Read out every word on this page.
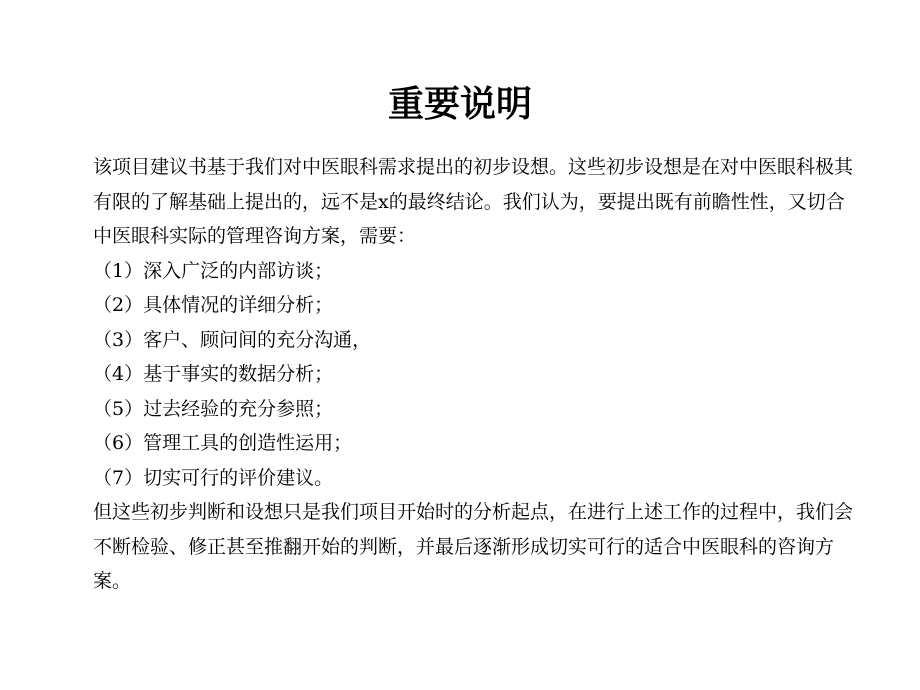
重要说明

该项目建议书基于我们对中医眼科需求提出的初步设想。这些初步设想是在对中医眼科极其有限的了解基础上提出的，远不是x的最终结论。我们认为，要提出既有前瞻性性，又切合中医眼科实际的管理咨询方案，需要：

（1）深入广泛的内部访谈；
（2）具体情况的详细分析；
（3）客户、顾问间的充分沟通，
（4）基于事实的数据分析；
（5）过去经验的充分参照；
（6）管理工具的创造性运用；
（7）切实可行的评价建议。

但这些初步判断和设想只是我们项目开始时的分析起点，在进行上述工作的过程中，我们会不断检验、修正甚至推翻开始的判断，并最后逐渐形成切实可行的适合中医眼科的咨询方案。
